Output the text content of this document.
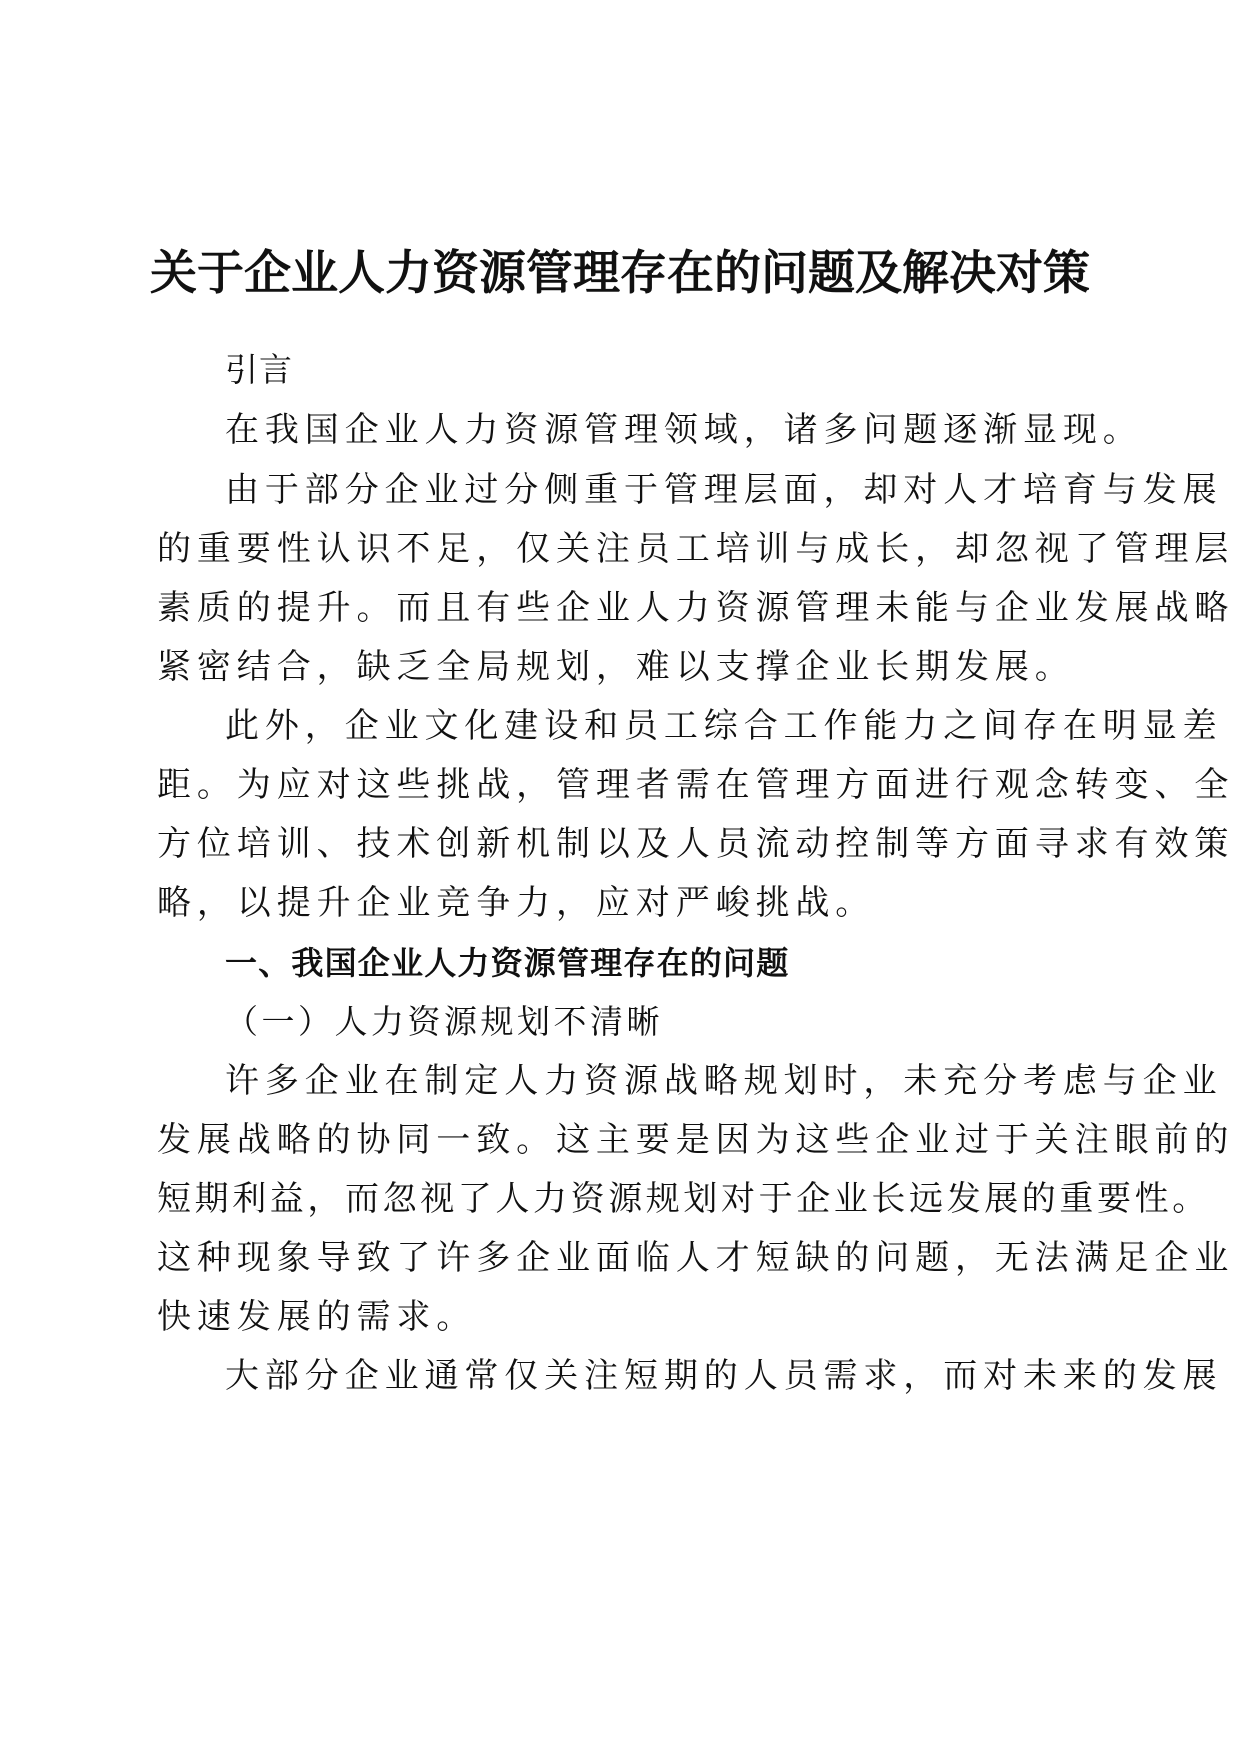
关于企业人力资源管理存在的问题及解决对策

引言

在我国企业人力资源管理领域，诸多问题逐渐显现。

由于部分企业过分侧重于管理层面，却对人才培育与发展

的重要性认识不足，仅关注员工培训与成长，却忽视了管理层

素质的提升。而且有些企业人力资源管理未能与企业发展战略

紧密结合，缺乏全局规划，难以支撑企业长期发展。

此外，企业文化建设和员工综合工作能力之间存在明显差

距。为应对这些挑战，管理者需在管理方面进行观念转变、全

方位培训、技术创新机制以及人员流动控制等方面寻求有效策

略，以提升企业竞争力，应对严峻挑战。

一、我国企业人力资源管理存在的问题

（一）人力资源规划不清晰

许多企业在制定人力资源战略规划时，未充分考虑与企业

发展战略的协同一致。这主要是因为这些企业过于关注眼前的

短期利益，而忽视了人力资源规划对于企业长远发展的重要性。

这种现象导致了许多企业面临人才短缺的问题，无法满足企业

快速发展的需求。

大部分企业通常仅关注短期的人员需求，而对未来的发展
